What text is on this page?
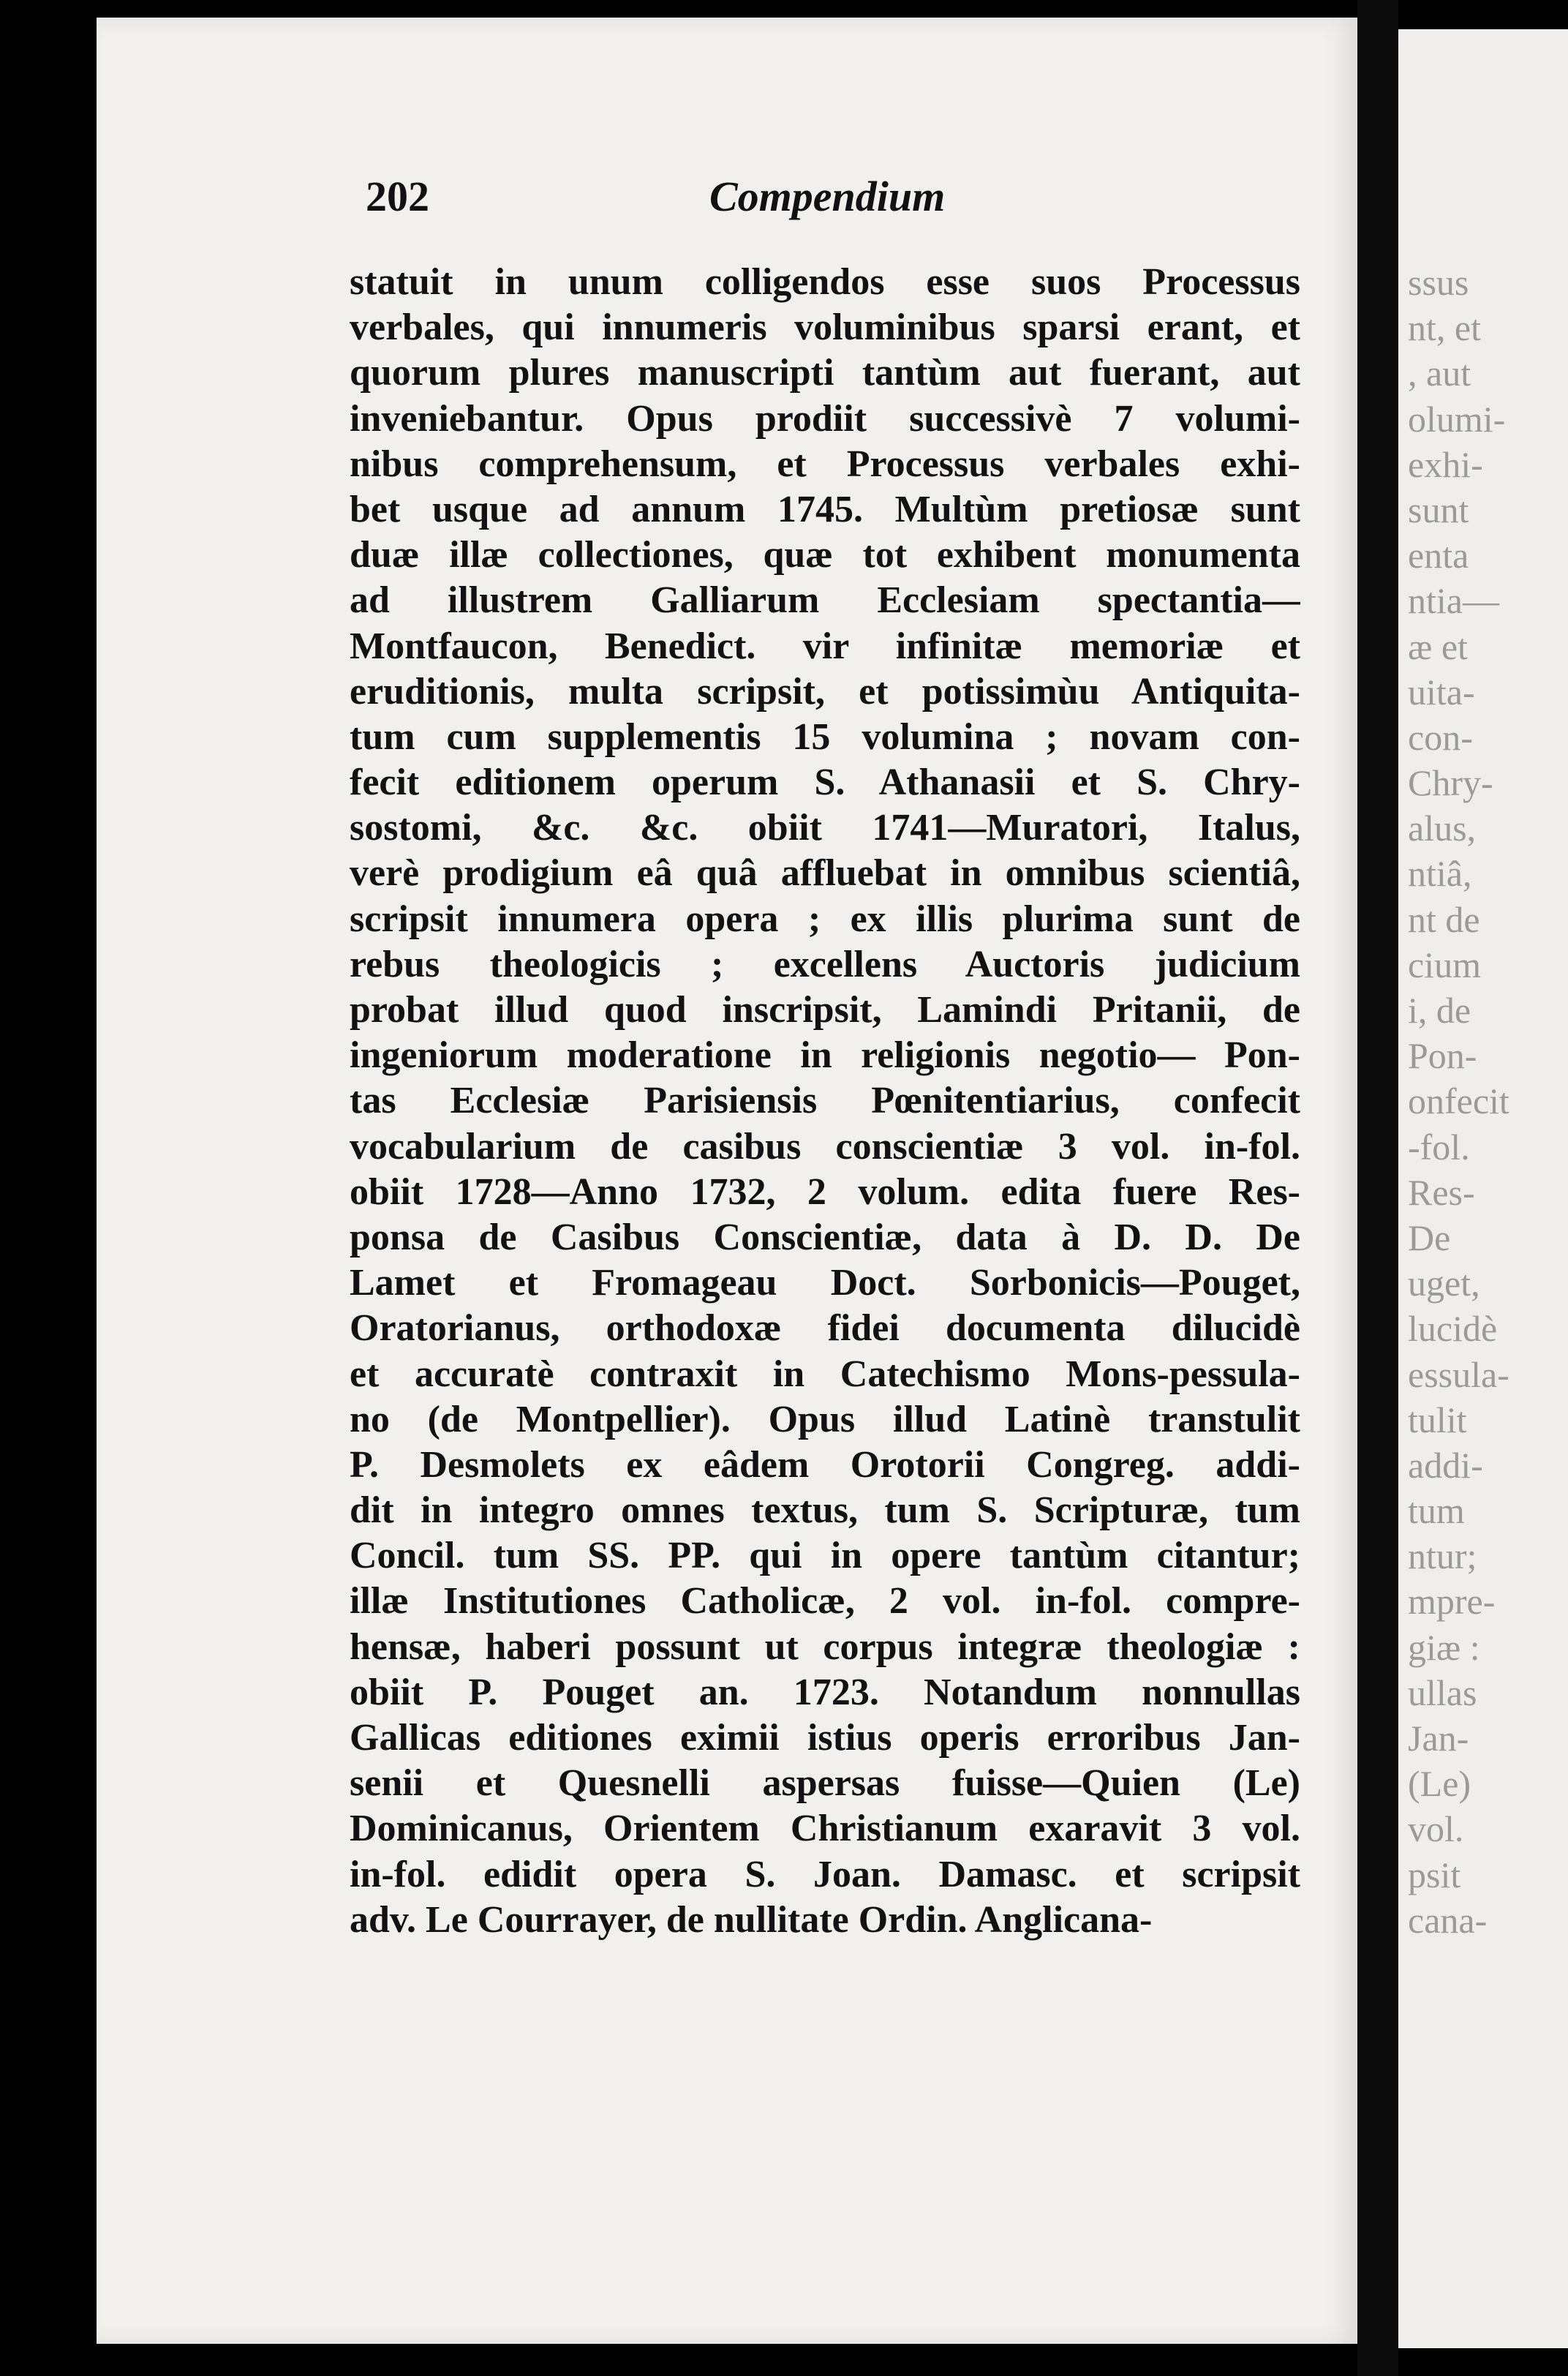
202	Compendium
statuit in unum colligendos esse suos Processus
verbales, qui innumeris voluminibus sparsi erant, et
quorum plures manuscripti tantùm aut fuerant, aut
inveniebantur. Opus prodiit successivè 7 volumi-
nibus comprehensum, et Processus verbales exhi-
bet usque ad annum 1745. Multùm pretiosæ sunt
duæ illæ collectiones, quæ tot exhibent monumenta
ad illustrem Galliarum Ecclesiam spectantia—
Montfaucon, Benedict. vir infinitæ memoriæ et
eruditionis, multa scripsit, et potissimùu Antiquita-
tum cum supplementis 15 volumina ; novam con-
fecit editionem operum S. Athanasii et S. Chry-
sostomi, &c. &c. obiit 1741—Muratori, Italus,
verè prodigium eâ quâ affluebat in omnibus scientiâ,
scripsit innumera opera ; ex illis plurima sunt de
rebus theologicis ; excellens Auctoris judicium
probat illud quod inscripsit, Lamindi Pritanii, de
ingeniorum moderatione in religionis negotio— Pon-
tas Ecclesiæ Parisiensis Pœnitentiarius, confecit
vocabularium de casibus conscientiæ 3 vol. in-fol.
obiit 1728—Anno 1732, 2 volum. edita fuere Res-
ponsa de Casibus Conscientiæ, data à D. D. De
Lamet et Fromageau Doct. Sorbonicis—Pouget,
Oratorianus, orthodoxæ fidei documenta dilucidè
et accuratè contraxit in Catechismo Mons-pessula-
no (de Montpellier). Opus illud Latinè transtulit
P. Desmolets ex eâdem Orotorii Congreg. addi-
dit in integro omnes textus, tum S. Scripturæ, tum
Concil. tum SS. PP. qui in opere tantùm citantur;
illæ Institutiones Catholicæ, 2 vol. in-fol. compre-
hensæ, haberi possunt ut corpus integræ theologiæ :
obiit P. Pouget an. 1723. Notandum nonnullas
Gallicas editiones eximii istius operis erroribus Jan-
senii et Quesnelli aspersas fuisse—Quien (Le)
Dominicanus, Orientem Christianum exaravit 3 vol.
in-fol. edidit opera S. Joan. Damasc. et scripsit
adv. Le Courrayer, de nullitate Ordin. Anglicana-
ssus
nt, et
, aut
olumi-
exhi-
sunt
enta
ntia—
æ et
uita-
con-
Chry-
alus,
ntiâ,
nt de
cium
i, de
Pon-
onfecit
-fol.
Res-
De
uget,
lucidè
essula-
tulit
addi-
tum
ntur;
mpre-
giæ :
ullas
Jan-
(Le)
vol.
psit
cana-
